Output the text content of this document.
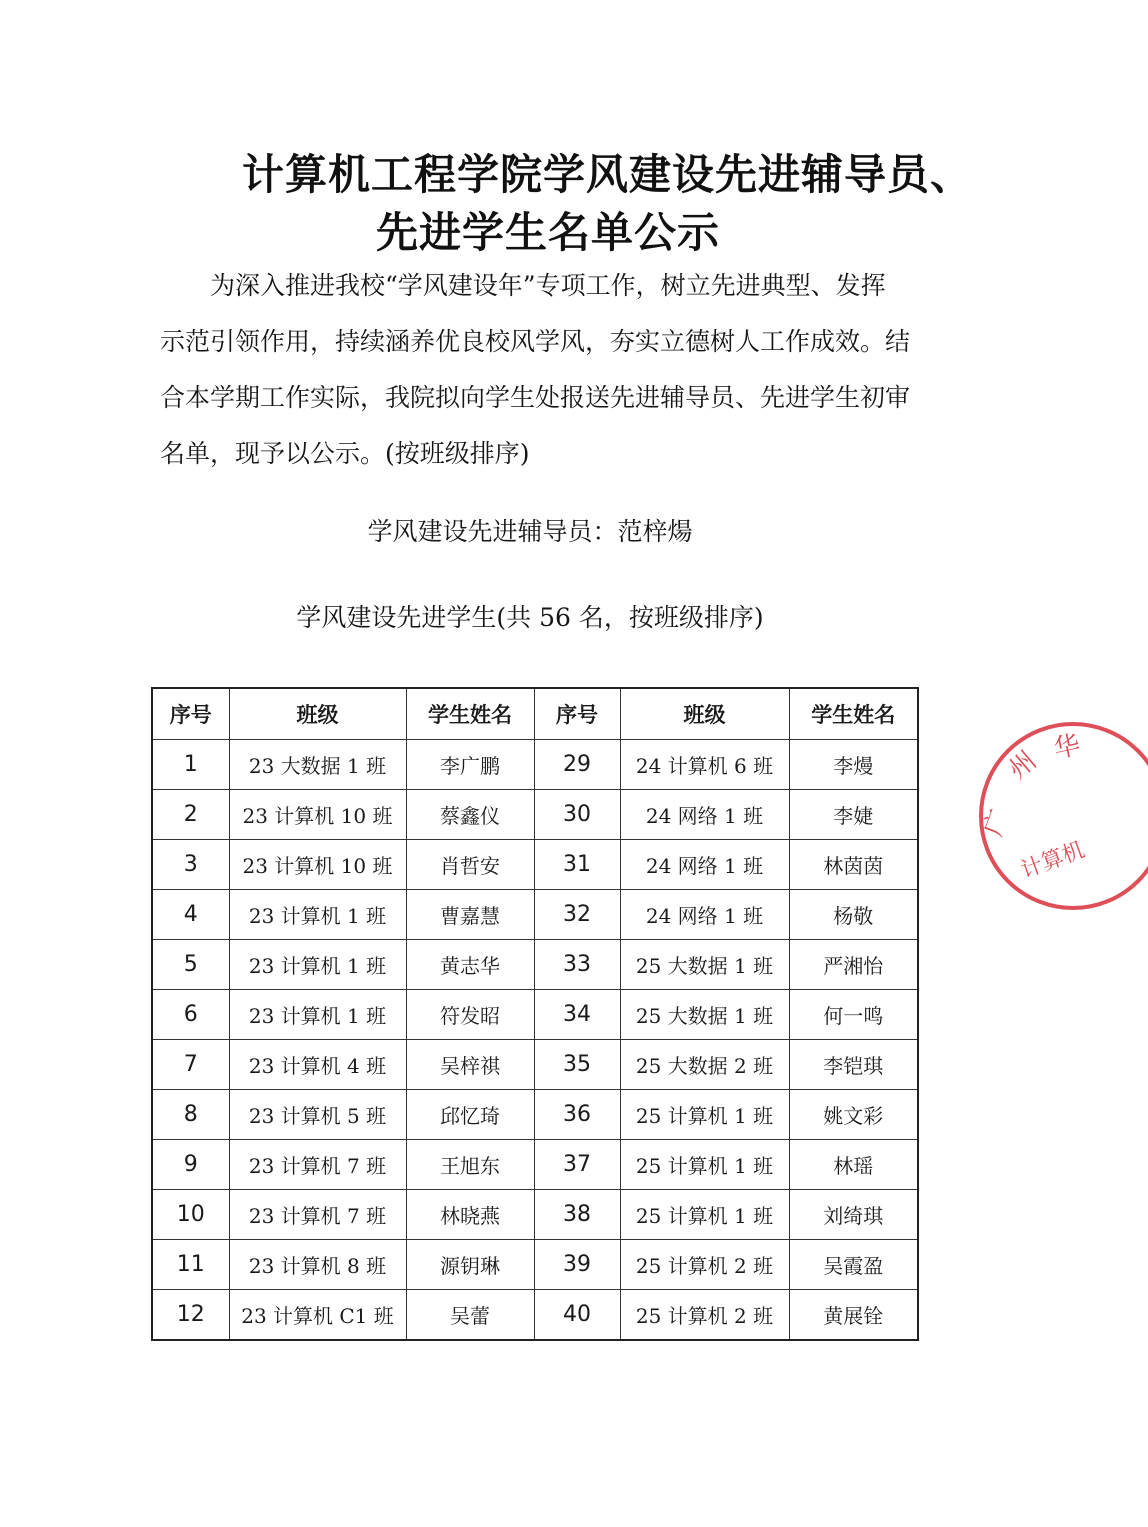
计算机工程学院学风建设先进辅导员、
先进学生名单公示
为深入推进我校“学风建设年”专项工作，树立先进典型、发挥
示范引领作用，持续涵养优良校风学风，夯实立德树人工作成效。结
合本学期工作实际，我院拟向学生处报送先进辅导员、先进学生初审
名单，现予以公示。(按班级排序)
学风建设先进辅导员：范梓煬
学风建设先进学生(共 56 名，按班级排序)
序号	班级	学生姓名	序号	班级	学生姓名
1	23 大数据 1 班	李广鹏	29	24 计算机 6 班	李熳
2	23 计算机 10 班	蔡鑫仪	30	24 网络 1 班	李婕
3	23 计算机 10 班	肖哲安	31	24 网络 1 班	林茵茵
4	23 计算机 1 班	曹嘉慧	32	24 网络 1 班	杨敬
5	23 计算机 1 班	黄志华	33	25 大数据 1 班	严湘怡
6	23 计算机 1 班	符发昭	34	25 大数据 1 班	何一鸣
7	23 计算机 4 班	吴梓祺	35	25 大数据 2 班	李铠琪
8	23 计算机 5 班	邱忆琦	36	25 计算机 1 班	姚文彩
9	23 计算机 7 班	王旭东	37	25 计算机 1 班	林瑶
10	23 计算机 7 班	林晓燕	38	25 计算机 1 班	刘绮琪
11	23 计算机 8 班	源钥琳	39	25 计算机 2 班	吴霞盈
12	23 计算机 C1 班	吴蕾	40	25 计算机 2 班	黄展铨
广
州 华
计算机
